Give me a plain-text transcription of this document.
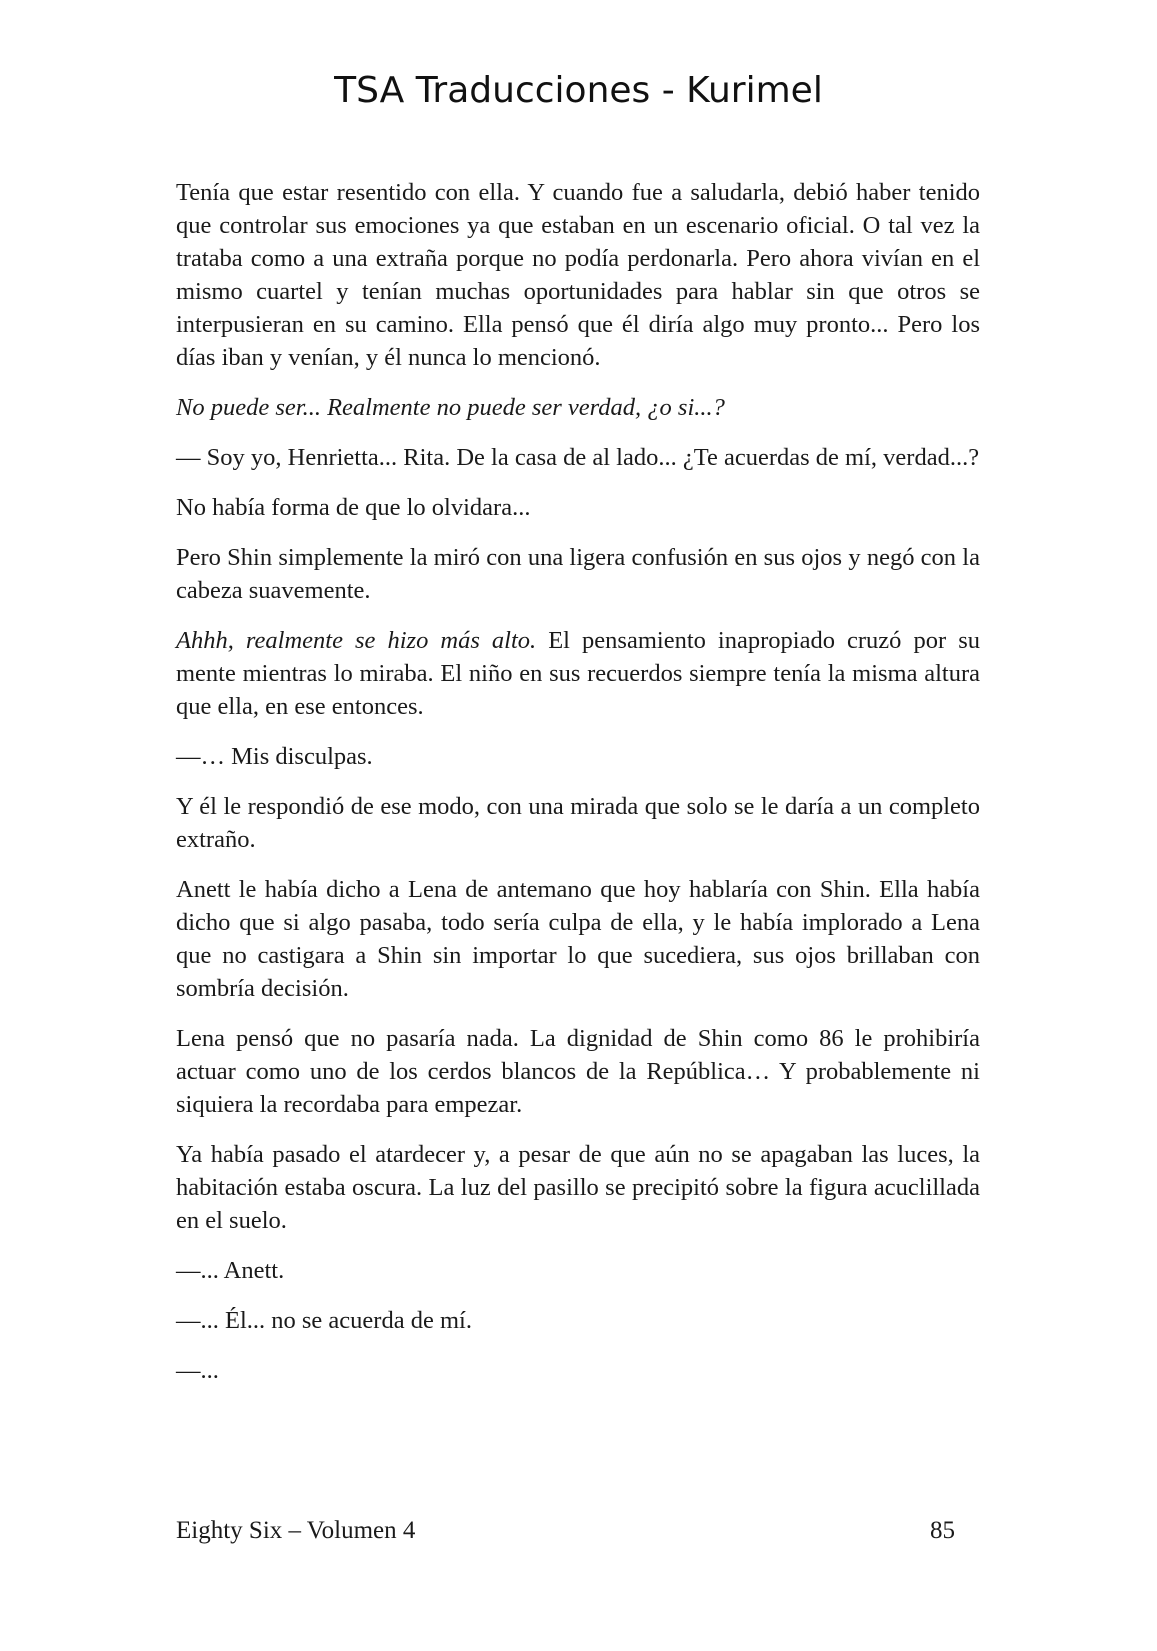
TSA Traducciones - Kurimel

Tenía que estar resentido con ella. Y cuando fue a saludarla, debió haber tenido que controlar sus emociones ya que estaban en un escenario oficial. O tal vez la trataba como a una extraña porque no podía perdonarla. Pero ahora vivían en el mismo cuartel y tenían muchas oportunidades para hablar sin que otros se interpusieran en su camino. Ella pensó que él diría algo muy pronto... Pero los días iban y venían, y él nunca lo mencionó.

No puede ser... Realmente no puede ser verdad, ¿o si...?

— Soy yo, Henrietta... Rita. De la casa de al lado... ¿Te acuerdas de mí, verdad...?

No había forma de que lo olvidara...

Pero Shin simplemente la miró con una ligera confusión en sus ojos y negó con la cabeza suavemente.

Ahhh, realmente se hizo más alto. El pensamiento inapropiado cruzó por su mente mientras lo miraba. El niño en sus recuerdos siempre tenía la misma altura que ella, en ese entonces.

—… Mis disculpas.

Y él le respondió de ese modo, con una mirada que solo se le daría a un completo extraño.

Anett le había dicho a Lena de antemano que hoy hablaría con Shin. Ella había dicho que si algo pasaba, todo sería culpa de ella, y le había implorado a Lena que no castigara a Shin sin importar lo que sucediera, sus ojos brillaban con sombría decisión.

Lena pensó que no pasaría nada. La dignidad de Shin como 86 le prohibiría actuar como uno de los cerdos blancos de la República… Y probablemente ni siquiera la recordaba para empezar.

Ya había pasado el atardecer y, a pesar de que aún no se apagaban las luces, la habitación estaba oscura. La luz del pasillo se precipitó sobre la figura acuclillada en el suelo.

—... Anett.

—... Él... no se acuerda de mí.

—...

Eighty Six – Volumen 4	85
